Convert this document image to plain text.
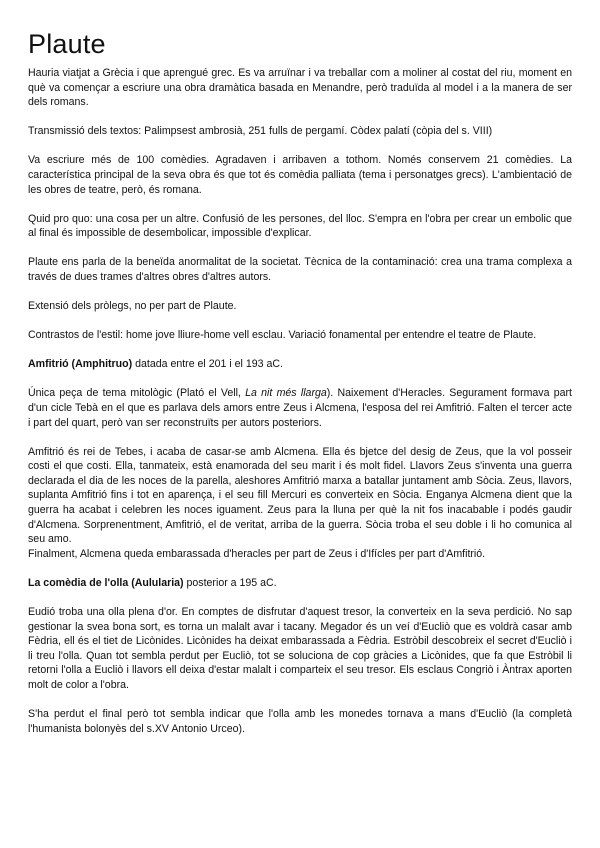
Plaute

Hauria viatjat a Grècia i que aprengué grec. Es va arruïnar i va treballar com a moliner al costat del riu, moment en què va començar a escriure una obra dramàtica basada en Menandre, però traduïda al model i a la manera de ser dels romans.

Transmissió dels textos: Palimpsest ambrosià, 251 fulls de pergamí. Còdex palatí (còpia del s. VIII)

Va escriure més de 100 comèdies. Agradaven i arribaven a tothom. Només conservem 21 comèdies. La característica principal de la seva obra és que tot és comèdia palliata (tema i personatges grecs). L'ambientació de les obres de teatre, però, és romana.

Quid pro quo: una cosa per un altre. Confusió de les persones, del lloc. S'empra en l'obra per crear un embolic que al final és impossible de desembolicar, impossible d'explicar.

Plaute ens parla de la beneïda anormalitat de la societat. Tècnica de la contaminació: crea una trama complexa a través de dues trames d'altres obres d'altres autors.

Extensió dels pròlegs, no per part de Plaute.

Contrastos de l'estil: home jove lliure-home vell esclau. Variació fonamental per entendre el teatre de Plaute.

Amfitrió (Amphitruo) datada entre el 201 i el 193 aC.

Única peça de tema mitològic (Plató el Vell, La nit més llarga). Naixement d'Heracles. Segurament formava part d'un cicle Tebà en el que es parlava dels amors entre Zeus i Alcmena, l'esposa del rei Amfitrió. Falten el tercer acte i part del quart, però van ser reconstruïts per autors posteriors.

Amfitrió és rei de Tebes, i acaba de casar-se amb Alcmena. Ella és bjetce del desig de Zeus, que la vol posseir costi el que costi. Ella, tanmateix, està enamorada del seu marit i és molt fidel. Llavors Zeus s'inventa una guerra declarada el dia de les noces de la parella, aleshores Amfitrió marxa a batallar juntament amb Sòcia. Zeus, llavors, suplanta Amfitrió fins i tot en aparença, i el seu fill Mercuri es converteix en Sòcia. Enganya Alcmena dient que la guerra ha acabat i celebren les noces iguament. Zeus para la lluna per què la nit fos inacabable i podés gaudir d'Alcmena. Sorprenentment, Amfitrió, el de veritat, arriba de la guerra. Sòcia troba el seu doble i li ho comunica al seu amo.

Finalment, Alcmena queda embarassada d'heracles per part de Zeus i d'Ifícles per part d'Amfitrió.

La comèdia de l'olla (Aulularia) posterior a 195 aC.

Eudió troba una olla plena d'or. En comptes de disfrutar d'aquest tresor, la converteix en la seva perdició. No sap gestionar la svea bona sort, es torna un malalt avar i tacany. Megador és un veí d'Eucliò que es voldrà casar amb Fèdria, ell és el tiet de Licònides. Licònides ha deixat embarassada a Fèdria. Estròbil descobreix el secret d'Eucliò i li treu l'olla. Quan tot sembla perdut per Eucliò, tot se soluciona de cop gràcies a Licònides, que fa que Estròbil li retorni l'olla a Eucliò i llavors ell deixa d'estar malalt i comparteix el seu tresor. Els esclaus Congriò i Àntrax aporten molt de color a l'obra.

S'ha perdut el final però tot sembla indicar que l'olla amb les monedes tornava a mans d'Eucliò (la completà l'humanista bolonyès del s.XV Antonio Urceo).
